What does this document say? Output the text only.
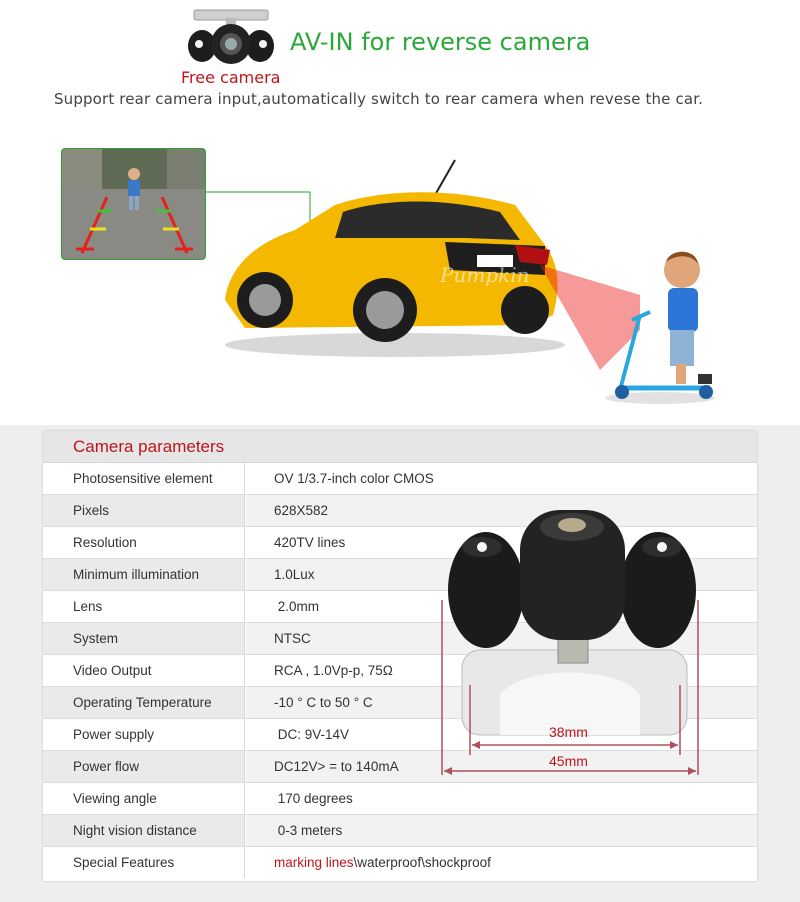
Free camera
AV-IN for reverse camera
Support rear camera input,automatically switch to rear camera when revese the car.
Pumpkin
Camera parameters
Photosensitive element	OV 1/3.7-inch color CMOS
Pixels	628X582
Resolution	420TV lines
Minimum illumination	1.0Lux
Lens	2.0mm
System	NTSC
Video Output	RCA , 1.0Vp-p, 75Ω
Operating Temperature	-10 ° C to 50 ° C
Power supply	DC: 9V-14V
Power flow	DC12V> = to 140mA
Viewing angle	170 degrees
Night vision distance	0-3 meters
Special Features	marking lines\waterproof\shockproof
38mm
45mm
